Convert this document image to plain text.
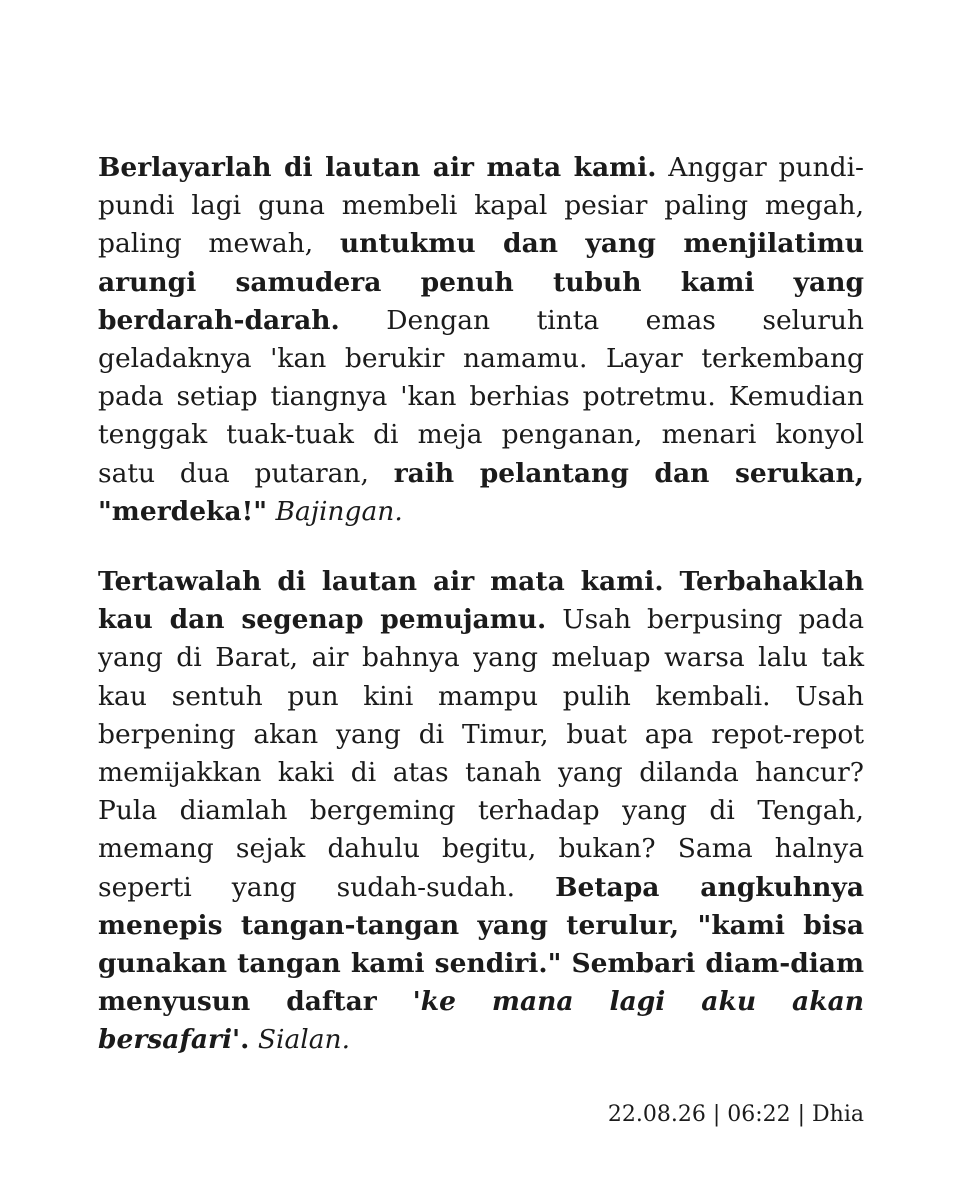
Berlayarlah di lautan air mata kami. Anggar pundi-pundi lagi guna membeli kapal pesiar paling megah, paling mewah, untukmu dan yang menjilatimu arungi samudera penuh tubuh kami yang berdarah-darah. Dengan tinta emas seluruh geladaknya 'kan berukir namamu. Layar terkembang pada setiap tiangnya 'kan berhias potretmu. Kemudian tenggak tuak-tuak di meja penganan, menari konyol satu dua putaran, raih pelantang dan serukan, "merdeka!" Bajingan.

Tertawalah di lautan air mata kami. Terbahaklah kau dan segenap pemujamu. Usah berpusing pada yang di Barat, air bahnya yang meluap warsa lalu tak kau sentuh pun kini mampu pulih kembali. Usah berpening akan yang di Timur, buat apa repot-repot memijakkan kaki di atas tanah yang dilanda hancur? Pula diamlah bergeming terhadap yang di Tengah, memang sejak dahulu begitu, bukan? Sama halnya seperti yang sudah-sudah. Betapa angkuhnya menepis tangan-tangan yang terulur, "kami bisa gunakan tangan kami sendiri." Sembari diam-diam menyusun daftar 'ke mana lagi aku akan bersafari'. Sialan.

22.08.26 | 06:22 | Dhia
